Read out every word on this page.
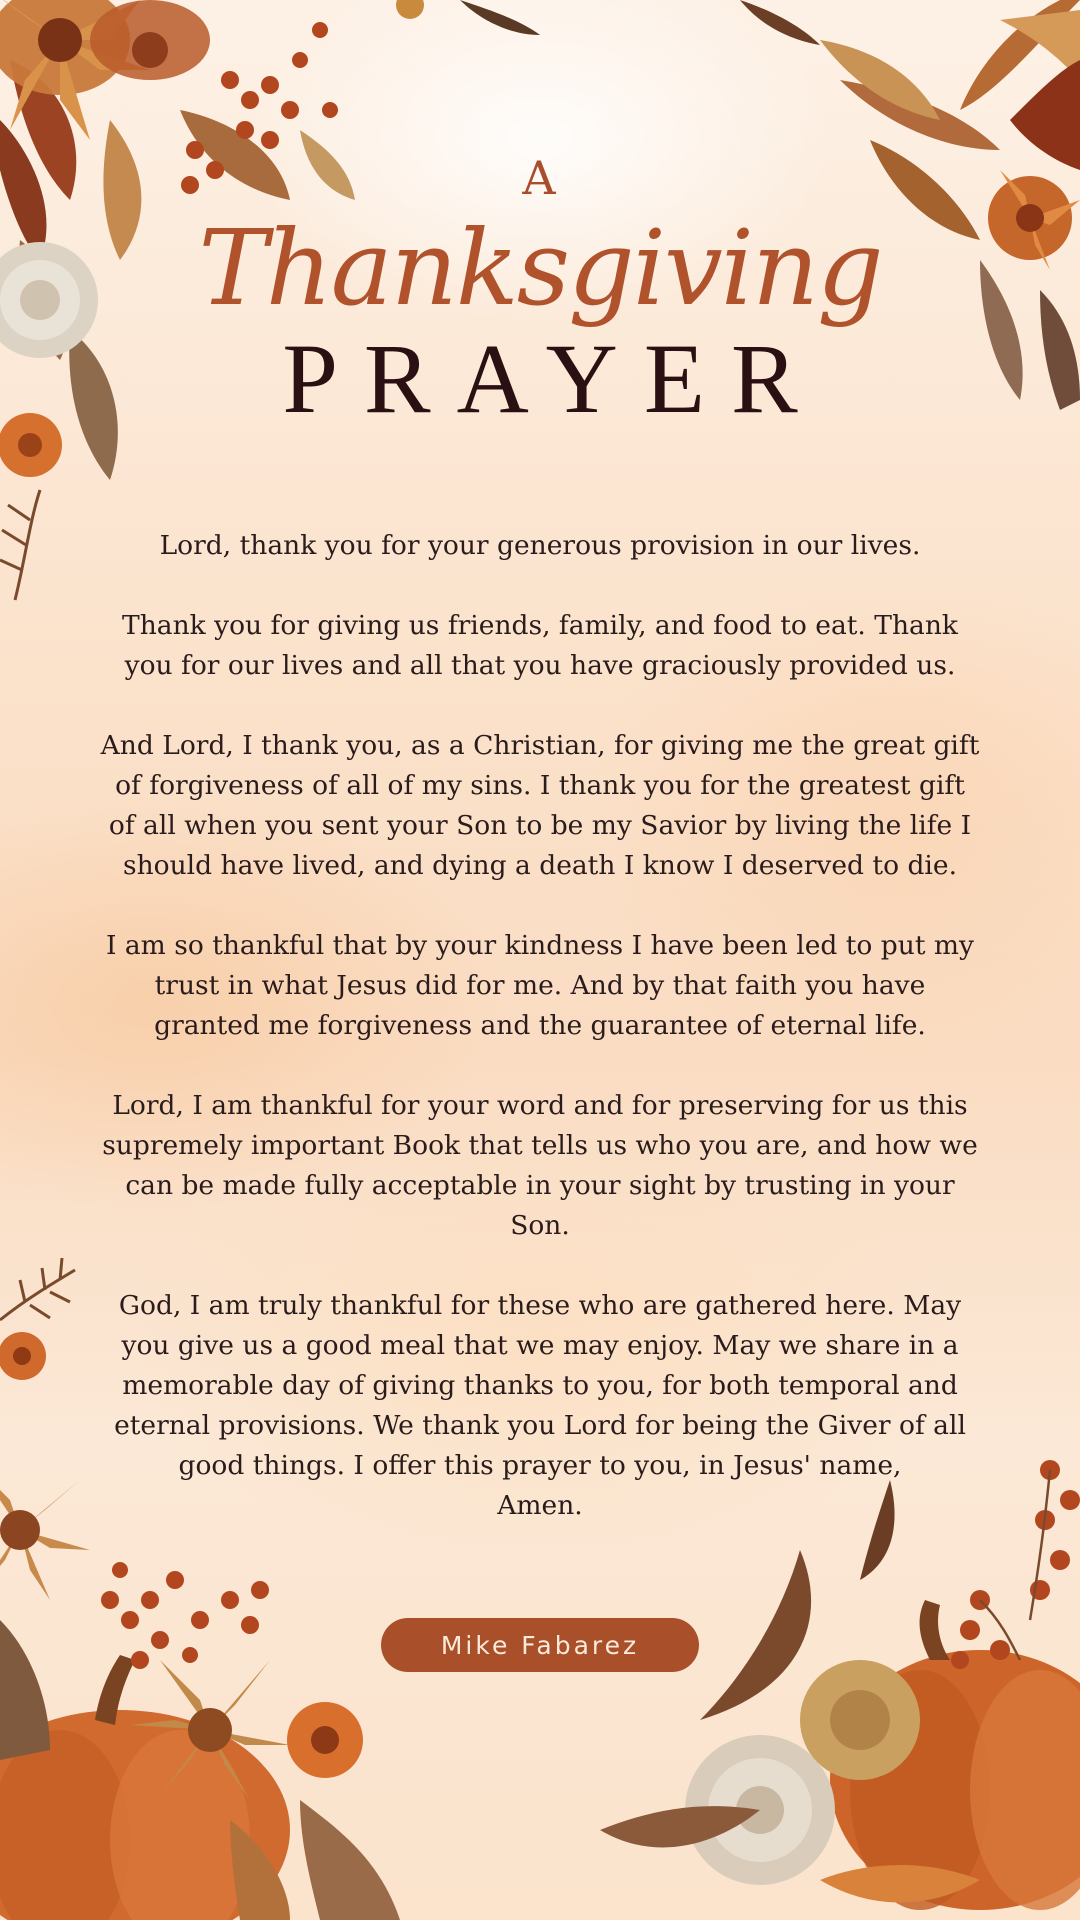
A
Thanksgiving
PRAYER

Lord, thank you for your generous provision in our lives.

Thank you for giving us friends, family, and food to eat. Thank you for our lives and all that you have graciously provided us.

And Lord, I thank you, as a Christian, for giving me the great gift of forgiveness of all of my sins. I thank you for the greatest gift of all when you sent your Son to be my Savior by living the life I should have lived, and dying a death I know I deserved to die.

I am so thankful that by your kindness I have been led to put my trust in what Jesus did for me. And by that faith you have granted me forgiveness and the guarantee of eternal life.

Lord, I am thankful for your word and for preserving for us this supremely important Book that tells us who you are, and how we can be made fully acceptable in your sight by trusting in your Son.

God, I am truly thankful for these who are gathered here. May you give us a good meal that we may enjoy. May we share in a memorable day of giving thanks to you, for both temporal and eternal provisions. We thank you Lord for being the Giver of all good things. I offer this prayer to you, in Jesus' name,
Amen.

Mike Fabarez
